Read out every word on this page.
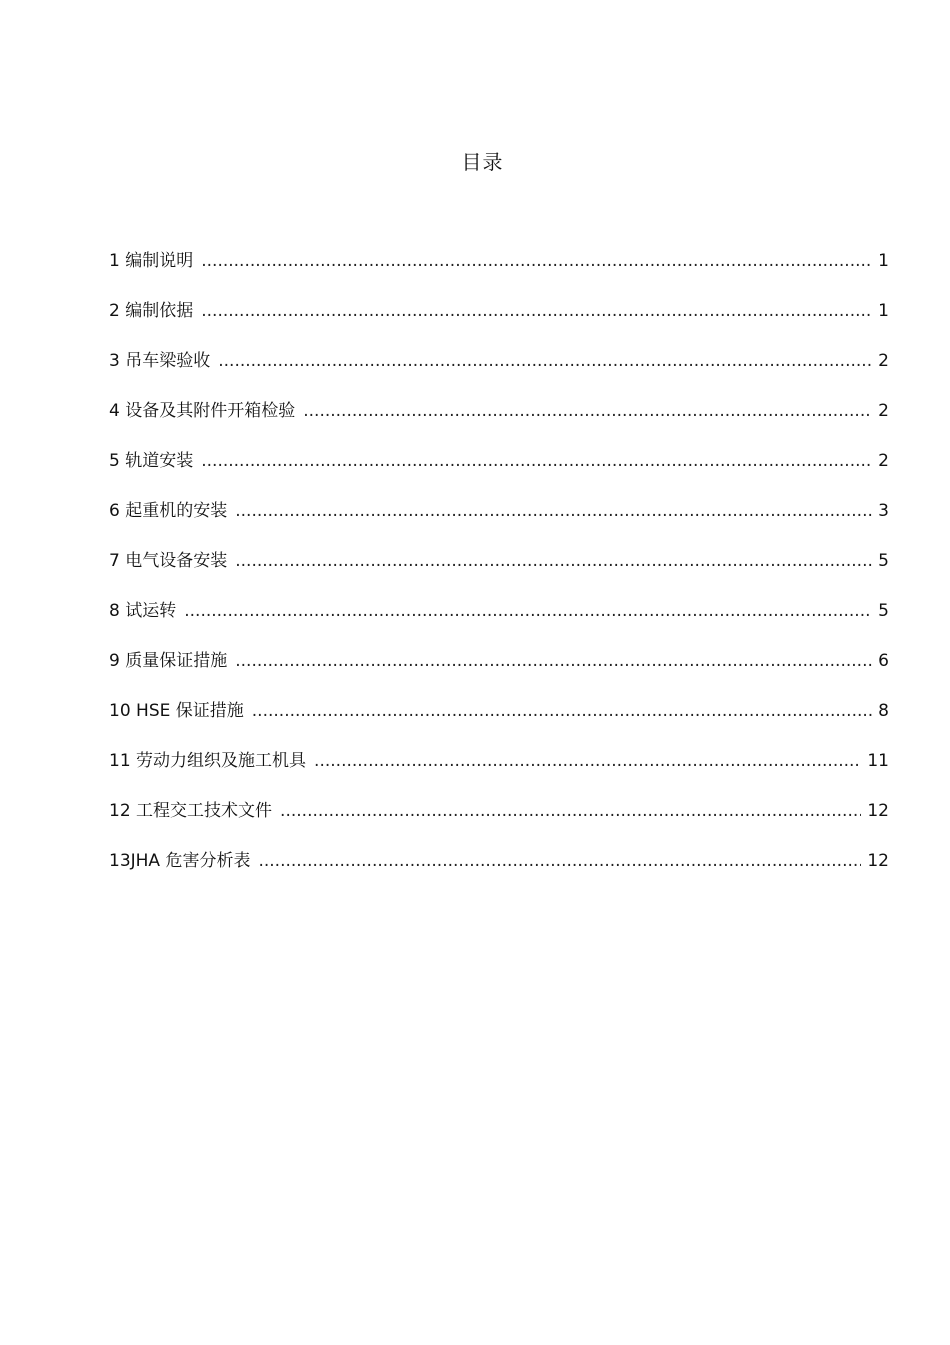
目录
1 编制说明 .....	1
2 编制依据 .....	1
3 吊车梁验收 .....	2
4 设备及其附件开箱检验 .....	2
5 轨道安装 .....	2
6 起重机的安装 .....	3
7 电气设备安装 .....	5
8 试运转 .....	5
9 质量保证措施 .....	6
10 HSE 保证措施 .....	8
11 劳动力组织及施工机具 .....	11
12 工程交工技术文件 .....	12
13JHA 危害分析表 .....	12
